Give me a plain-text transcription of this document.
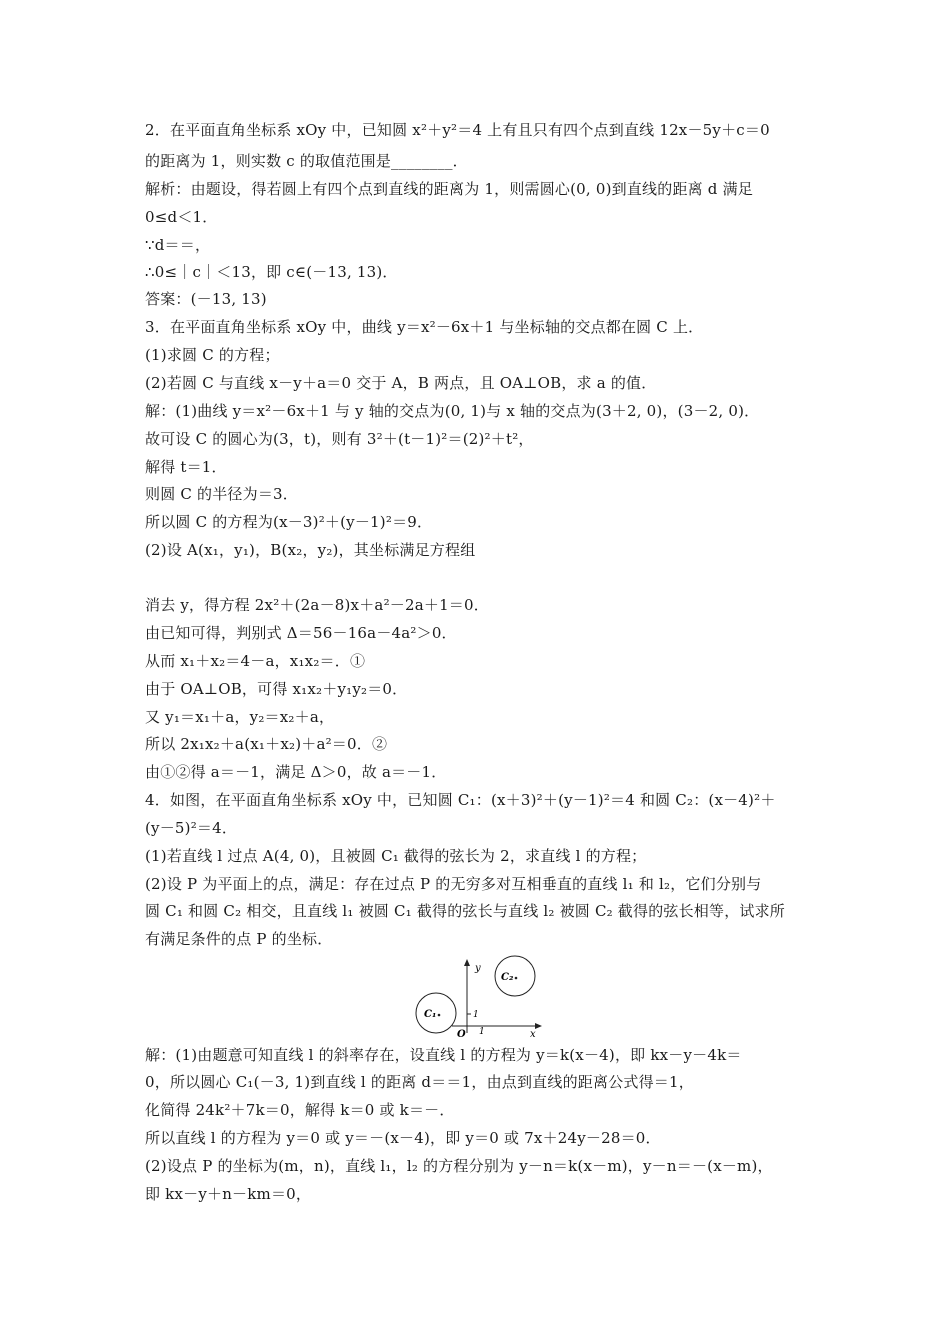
2．在平面直角坐标系 xOy 中，已知圆 x²＋y²＝4 上有且只有四个点到直线 12x－5y＋c＝0
的距离为 1，则实数 c 的取值范围是________．
解析：由题设，得若圆上有四个点到直线的距离为 1，则需圆心(0, 0)到直线的距离 d 满足
0≤d＜1．
∵d＝＝，
∴0≤｜c｜＜13，即 c∈(－13, 13)．
答案：(－13, 13)
3．在平面直角坐标系 xOy 中，曲线 y＝x²－6x＋1 与坐标轴的交点都在圆 C 上．
(1)求圆 C 的方程；
(2)若圆 C 与直线 x－y＋a＝0 交于 A，B 两点，且 OA⊥OB，求 a 的值．
解：(1)曲线 y＝x²－6x＋1 与 y 轴的交点为(0, 1)与 x 轴的交点为(3＋2, 0)，(3－2, 0)．
故可设 C 的圆心为(3，t)，则有 3²＋(t－1)²＝(2)²＋t²，
解得 t＝1．
则圆 C 的半径为＝3．
所以圆 C 的方程为(x－3)²＋(y－1)²＝9．
(2)设 A(x₁，y₁)，B(x₂，y₂)，其坐标满足方程组
消去 y，得方程 2x²＋(2a－8)x＋a²－2a＋1＝0．
由已知可得，判别式 Δ＝56－16a－4a²＞0．
从而 x₁＋x₂＝4－a，x₁x₂＝．①
由于 OA⊥OB，可得 x₁x₂＋y₁y₂＝0．
又 y₁＝x₁＋a，y₂＝x₂＋a，
所以 2x₁x₂＋a(x₁＋x₂)＋a²＝0．②
由①②得 a＝－1，满足 Δ＞0，故 a＝－1．
4．如图，在平面直角坐标系 xOy 中，已知圆 C₁：(x＋3)²＋(y－1)²＝4 和圆 C₂：(x－4)²＋
(y－5)²＝4．
(1)若直线 l 过点 A(4, 0)，且被圆 C₁ 截得的弦长为 2，求直线 l 的方程；
(2)设 P 为平面上的点，满足：存在过点 P 的无穷多对互相垂直的直线 l₁ 和 l₂，它们分别与
圆 C₁ 和圆 C₂ 相交，且直线 l₁ 被圆 C₁ 截得的弦长与直线 l₂ 被圆 C₂ 截得的弦长相等，试求所
有满足条件的点 P 的坐标．
y
x
O 1
1
C₁
C₂
解：(1)由题意可知直线 l 的斜率存在，设直线 l 的方程为 y＝k(x－4)，即 kx－y－4k＝
0，所以圆心 C₁(－3, 1)到直线 l 的距离 d＝＝1，由点到直线的距离公式得＝1，
化简得 24k²＋7k＝0，解得 k＝0 或 k＝－．
所以直线 l 的方程为 y＝0 或 y＝－(x－4)，即 y＝0 或 7x＋24y－28＝0．
(2)设点 P 的坐标为(m，n)，直线 l₁，l₂ 的方程分别为 y－n＝k(x－m)，y－n＝－(x－m)，
即 kx－y＋n－km＝0，
